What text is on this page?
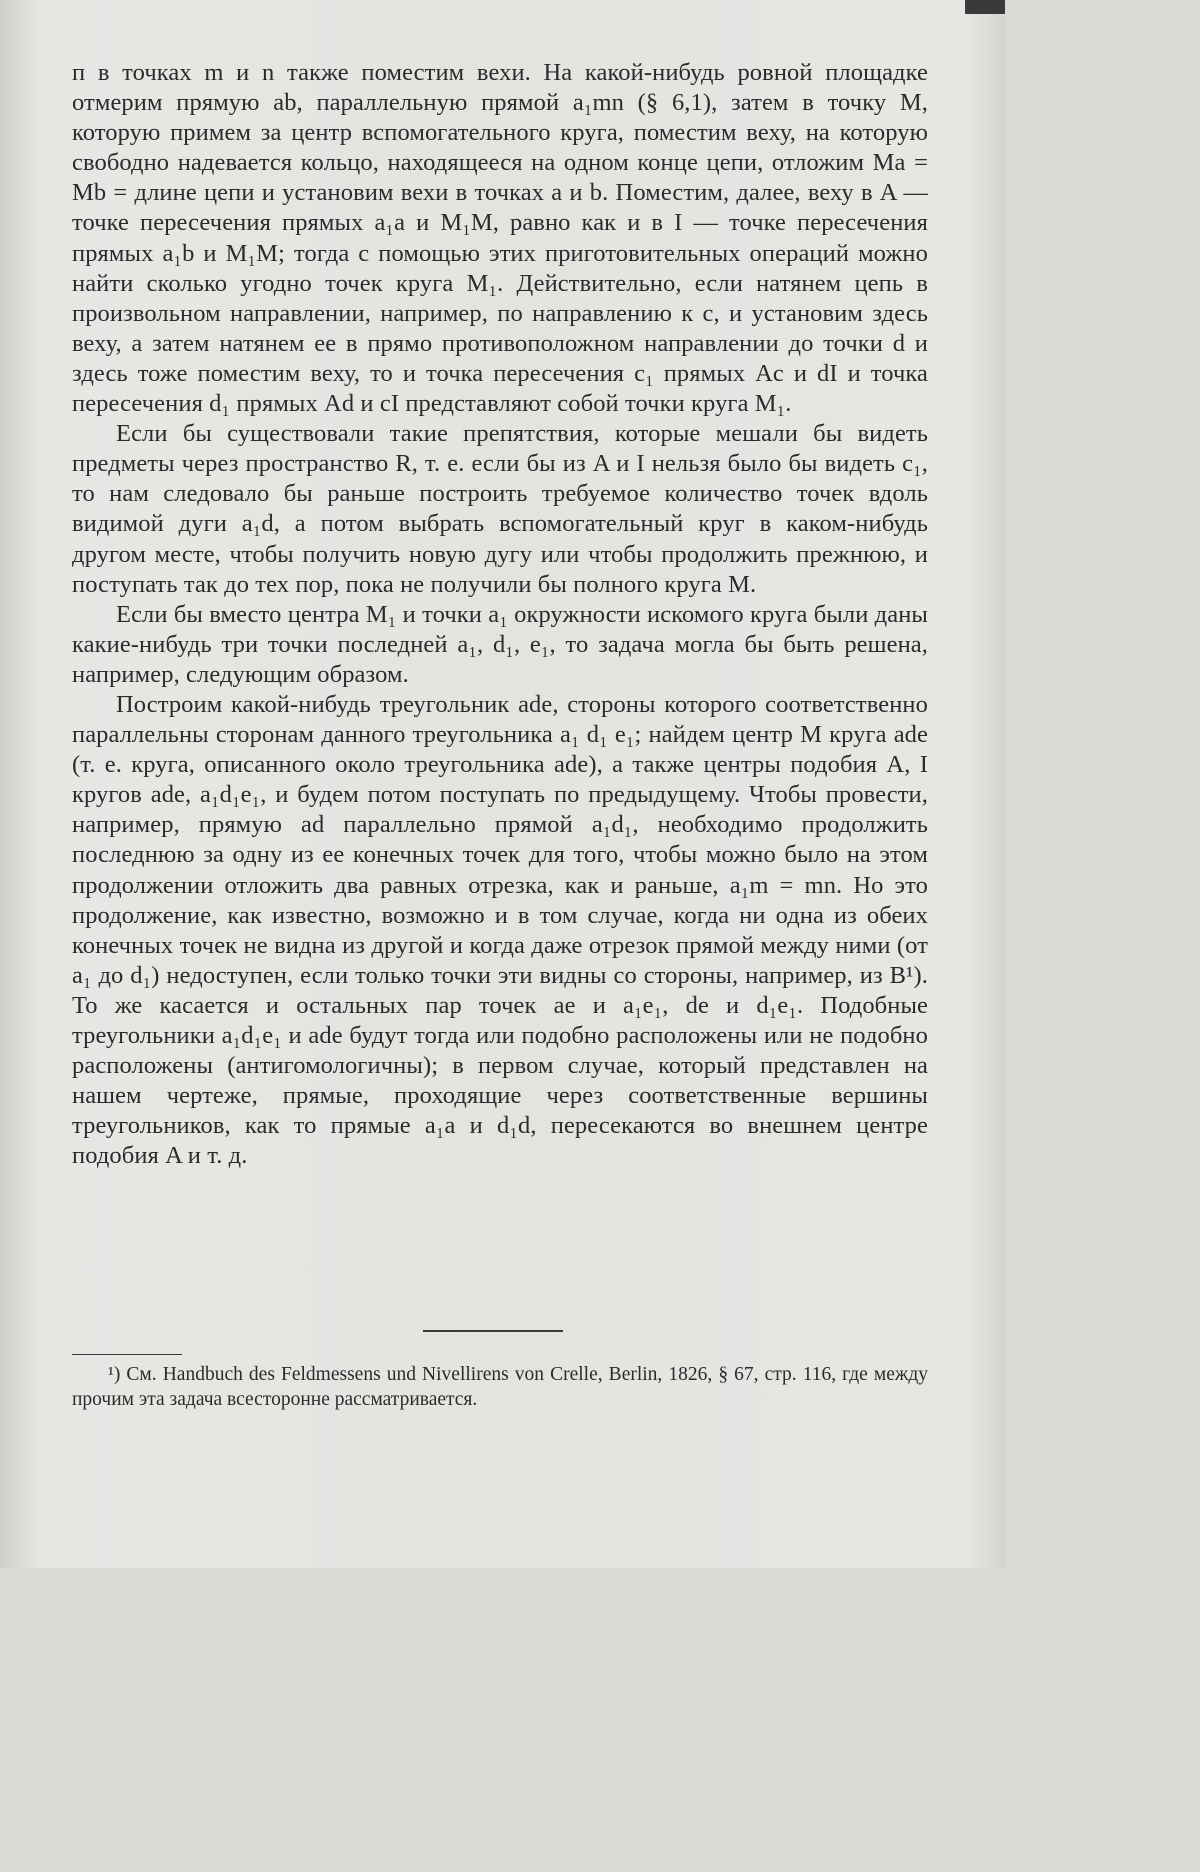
п в точках m и n также поместим вехи. На какой-нибудь ровной площадке отмерим прямую ab, параллельную прямой a₁mn (§ 6,1), затем в точку M, которую примем за центр вспомогательного круга, поместим веху, на которую свободно надевается кольцо, находящееся на одном конце цепи, отложим Ma = Mb = длине цепи и установим вехи в точках a и b. Поместим, далее, веху в A — точке пересечения прямых a₁a и M₁M, равно как и в I — точке пересечения прямых a₁b и M₁M; тогда с помощью этих приготовительных операций можно найти сколько угодно точек круга M₁. Действительно, если натянем цепь в произвольном направлении, например, по направлению к c, и установим здесь веху, а затем натянем ее в прямо противоположном направлении до точки d и здесь тоже поместим веху, то и точка пересечения c₁ прямых Ac и dI и точка пересечения d₁ прямых Ad и cI представляют собой точки круга M₁.

Если бы существовали такие препятствия, которые мешали бы видеть предметы через пространство R, т. е. если бы из A и I нельзя было бы видеть c₁, то нам следовало бы раньше построить требуемое количество точек вдоль видимой дуги a₁d, а потом выбрать вспомогательный круг в каком-нибудь другом месте, чтобы получить новую дугу или чтобы продолжить прежнюю, и поступать так до тех пор, пока не получили бы полного круга M.

Если бы вместо центра M₁ и точки a₁ окружности искомого круга были даны какие-нибудь три точки последней a₁, d₁, e₁, то задача могла бы быть решена, например, следующим образом.

Построим какой-нибудь треугольник ade, стороны которого соответственно параллельны сторонам данного треугольника a₁ d₁ e₁; найдем центр M круга ade (т. е. круга, описанного около треугольника ade), а также центры подобия A, I кругов ade, a₁d₁e₁, и будем потом поступать по предыдущему. Чтобы провести, например, прямую ad параллельно прямой a₁d₁, необходимо продолжить последнюю за одну из ее конечных точек для того, чтобы можно было на этом продолжении отложить два равных отрезка, как и раньше, a₁m = mn. Но это продолжение, как известно, возможно и в том случае, когда ни одна из обеих конечных точек не видна из другой и когда даже отрезок прямой между ними (от a₁ до d₁) недоступен, если только точки эти видны со стороны, например, из B¹). То же касается и остальных пар точек ae и a₁e₁, de и d₁e₁. Подобные треугольники a₁d₁e₁ и ade будут тогда или подобно расположены или не подобно расположены (антигомологичны); в первом случае, который представлен на нашем чертеже, прямые, проходящие через соответственные вершины треугольников, как то прямые a₁a и d₁d, пересекаются во внешнем центре подобия A и т. д.

¹) См. Handbuch des Feldmessens und Nivellirens von Crelle, Berlin, 1826, § 67, стр. 116, где между прочим эта задача всесторонне рассматривается.
